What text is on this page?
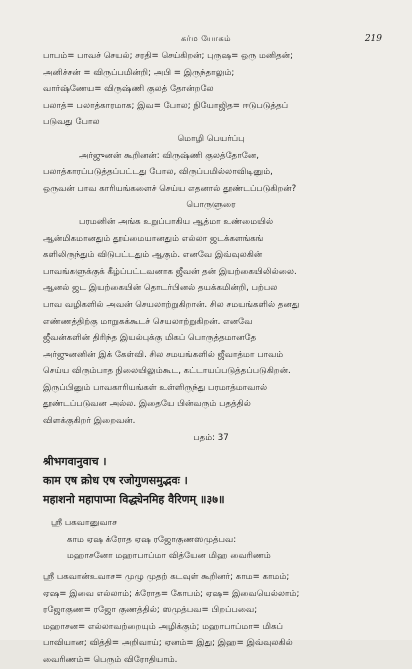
கர்ம யோகம்	219

பாபம்= பாவச் செயல்; சரதி= செய்கிறன்; புருஷ= ஒரு மனிதன்;

அனிச்சன் = விருப்பமின்றி; அபி = இருந்தாலும்;

வார்ஷ்ணேய= விருஷ்ணி குலத் தோன்றலே

பலாத்= பலாத்காரமாக; இவ= போல; நியோஜித= ஈடுபடுத்தப்

படுவது போல

மொழி பெயர்ப்பு

அர்ஜுனன் கூறினன்: விருஷ்ணி குலத்தோனே,

பலாத்காரப்படுத்தப்பட்டது போல, விருப்பமில்லாவிடினும்,

ஒருவன் பாவ காரியங்களைச் செய்ய எதனால் தூண்டப்படுகிறன்?

பொருளுரை

பரமனின் அங்க உறுப்பாகிய ஆத்மா உண்மையில்

ஆன்மிகமானதும் தூய்மையானதும் எல்லா ஜடக்களங்கங்

களிலிருந்தும் விடுபட்டதும் ஆகும். எனவே இவ்வுலகின்

பாவங்களுக்குக் கீழ்ப்பட்டவனாக ஜீவன் தன் இயற்கையிலில்லை.

ஆனல் ஜட இயற்கையின் தொடர்பினல் தயக்கமின்றி, பற்பல

பாவ வழிகளில் அவன் செயலாற்றுகிறான். சில சமயங்களில் தனது

எண்ணத்திற்கு மாறுகக்கூடச் செயலாற்றுகிறன். எனவே

ஜீவன்களின் திரிந்த இயல்புக்கு மிகப் பொருத்தமானதே

அர்ஜுனனின் இக் கேள்வி. சில சமயங்களில் ஜீவாத்மா பாவம்

செய்ய விரும்பாத நிலையிலும்கூட, கட்டாயப்படுத்தப்படுகிறன்.

இருப்பினும் பாவகாரியங்கள் உள்ளிருந்து பரமாத்மாவால்

தூண்டப்படுவன அல்ல. இதையே பின்வரும் பதத்தில்

விளக்குகிறர் இறைவன்.

பதம்: 37

श्रीभगवानुवाच ।

काम एष क्रोध एष रजोगुणसमुद्भवः ।

महाशनो महापाप्मा विद्ध्येनमिह वैरिणम् ॥३७॥

ஸ்ரீ பகவானுவாச

காம ஏஷ க்ரோத ஏஷ ரஜோகுணஸமுத்பவ:

மஹாசனோ மஹாபாப்மா வித்யேன மிஹ வைரிணம்

ஸ்ரீ பகவான்உவாச= முழு முதற் கடவுள் கூறினர்; காம= காமம்;

ஏஷ= இவை எல்லாம்; க்ரோத= கோபம்; ஏஷ= இவையெல்லாம்;

ரஜோகுண= ரஜோ குணத்தில்; ஸமுத்பவ= பிறப்பவை;

மஹாசன= எல்லாவற்றையும் அழிக்கும்; மஹாபாப்மா= மிகப்

பாவியான; வித்தி= அறிவாய்; ஏனம்= இது; இஹ= இவ்வுலகில்

வைரிணம்= பெரும் விரோதியாம்.
